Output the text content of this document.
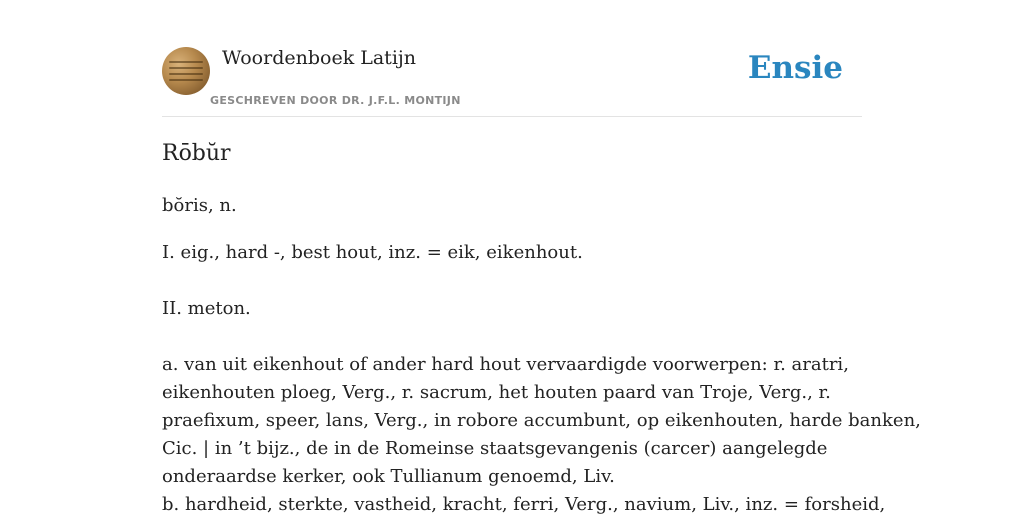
Woordenboek Latijn
GESCHREVEN DOOR DR. J.F.L. MONTIJN
Ensie
Rōbŭr
bŏris, n.

I. eig., hard -, best hout, inz. = eik, eikenhout.

II. meton.

a. van uit eikenhout of ander hard hout vervaardigde voorwerpen: r. aratri,

eikenhouten ploeg, Verg., r. sacrum, het houten paard van Troje, Verg., r.

praefixum, speer, lans, Verg., in robore accumbunt, op eikenhouten, harde banken,

Cic. | in ’t bijz., de in de Romeinse staatsgevangenis (carcer) aangelegde

onderaardse kerker, ook Tullianum genoemd, Liv.

b. hardheid, sterkte, vastheid, kracht, ferri, Verg., navium, Liv., inz. = forsheid,
